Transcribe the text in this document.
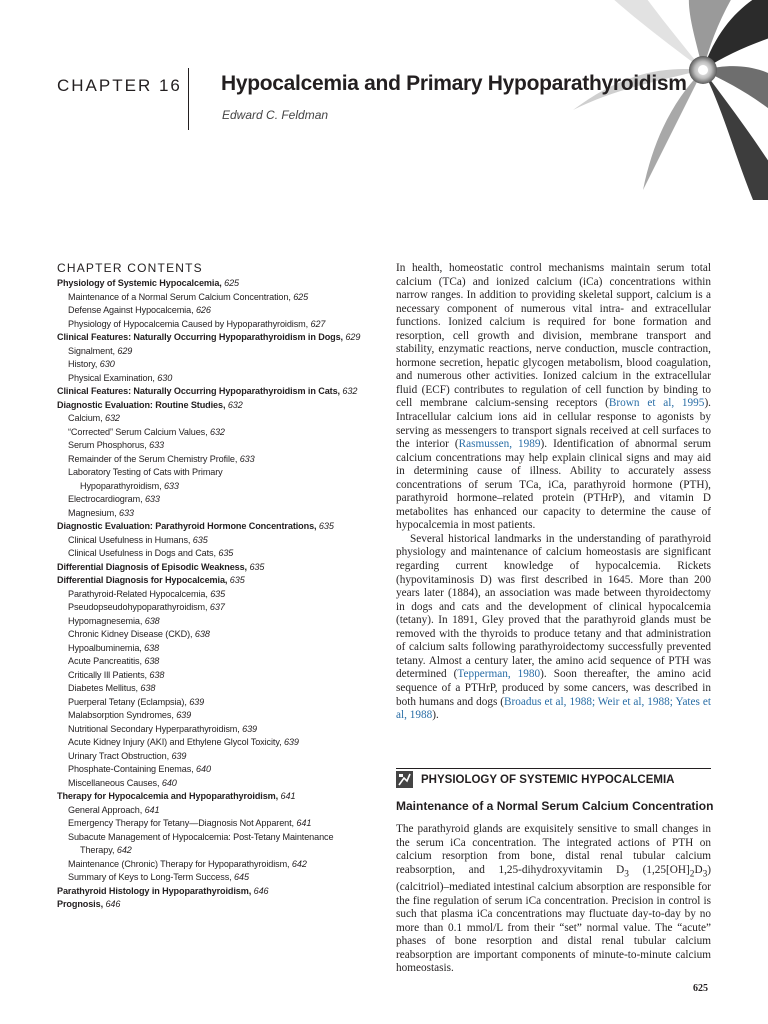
CHAPTER 16 Hypocalcemia and Primary Hypoparathyroidism
Edward C. Feldman
CHAPTER CONTENTS
Physiology of Systemic Hypocalcemia, 625
Maintenance of a Normal Serum Calcium Concentration, 625
Defense Against Hypocalcemia, 626
Physiology of Hypocalcemia Caused by Hypoparathyroidism, 627
Clinical Features: Naturally Occurring Hypoparathyroidism in Dogs, 629
Signalment, 629
History, 630
Physical Examination, 630
Clinical Features: Naturally Occurring Hypoparathyroidism in Cats, 632
Diagnostic Evaluation: Routine Studies, 632
Calcium, 632
“Corrected” Serum Calcium Values, 632
Serum Phosphorus, 633
Remainder of the Serum Chemistry Profile, 633
Laboratory Testing of Cats with Primary
Hypoparathyroidism, 633
Electrocardiogram, 633
Magnesium, 633
Diagnostic Evaluation: Parathyroid Hormone Concentrations, 635
Clinical Usefulness in Humans, 635
Clinical Usefulness in Dogs and Cats, 635
Differential Diagnosis of Episodic Weakness, 635
Differential Diagnosis for Hypocalcemia, 635
Parathyroid-Related Hypocalcemia, 635
Pseudopseudohypoparathyroidism, 637
Hypomagnesemia, 638
Chronic Kidney Disease (CKD), 638
Hypoalbuminemia, 638
Acute Pancreatitis, 638
Critically Ill Patients, 638
Diabetes Mellitus, 638
Puerperal Tetany (Eclampsia), 639
Malabsorption Syndromes, 639
Nutritional Secondary Hyperparathyroidism, 639
Acute Kidney Injury (AKI) and Ethylene Glycol Toxicity, 639
Urinary Tract Obstruction, 639
Phosphate-Containing Enemas, 640
Miscellaneous Causes, 640
Therapy for Hypocalcemia and Hypoparathyroidism, 641
General Approach, 641
Emergency Therapy for Tetany—Diagnosis Not Apparent, 641
Subacute Management of Hypocalcemia: Post-Tetany Maintenance
Therapy, 642
Maintenance (Chronic) Therapy for Hypoparathyroidism, 642
Summary of Keys to Long-Term Success, 645
Parathyroid Histology in Hypoparathyroidism, 646
Prognosis, 646

In health, homeostatic control mechanisms maintain serum total calcium (TCa) and ionized calcium (iCa) concentrations within narrow ranges. In addition to providing skeletal support, calcium is a necessary component of numerous vital intra- and extracellular functions. Ionized calcium is required for bone formation and resorption, cell growth and division, membrane transport and stability, enzymatic reactions, nerve conduction, muscle contraction, hormone secretion, hepatic glycogen metabolism, blood coagulation, and numerous other activities. Ionized calcium in the extracellular fluid (ECF) contributes to regulation of cell function by binding to cell membrane calcium-sensing receptors (Brown et al, 1995). Intracellular calcium ions aid in cellular response to agonists by serving as messengers to transport signals received at cell surfaces to the interior (Rasmussen, 1989). Identification of abnormal serum calcium concentrations may help explain clinical signs and may aid in determining cause of illness. Ability to accurately assess concentrations of serum TCa, iCa, parathyroid hormone (PTH), parathyroid hormone–related protein (PTHrP), and vitamin D metabolites has enhanced our capacity to determine the cause of hypocalcemia in most patients.

Several historical landmarks in the understanding of parathyroid physiology and maintenance of calcium homeostasis are significant regarding current knowledge of hypocalcemia. Rickets (hypovitaminosis D) was first described in 1645. More than 200 years later (1884), an association was made between thyroidectomy in dogs and cats and the development of clinical hypocalcemia (tetany). In 1891, Gley proved that the parathyroid glands must be removed with the thyroids to produce tetany and that administration of calcium salts following parathyroidectomy successfully prevented tetany. Almost a century later, the amino acid sequence of PTH was determined (Tepperman, 1980). Soon thereafter, the amino acid sequence of a PTHrP, produced by some cancers, was described in both humans and dogs (Broadus et al, 1988; Weir et al, 1988; Yates et al, 1988).

PHYSIOLOGY OF SYSTEMIC HYPOCALCEMIA
Maintenance of a Normal Serum Calcium Concentration

The parathyroid glands are exquisitely sensitive to small changes in the serum iCa concentration. The integrated actions of PTH on calcium resorption from bone, distal renal tubular calcium reabsorption, and 1,25-dihydroxyvitamin $D_3$ $(1,25[OH]_2D_3)$ (calcitriol)–mediated intestinal calcium absorption are responsible for the fine regulation of serum iCa concentration. Precision in control is such that plasma iCa concentrations may fluctuate day-to-day by no more than 0.1 mmol/L from their “set” normal value. The “acute” phases of bone resorption and distal renal tubular calcium reabsorption are important components of minute-to-minute calcium homeostasis.

625
